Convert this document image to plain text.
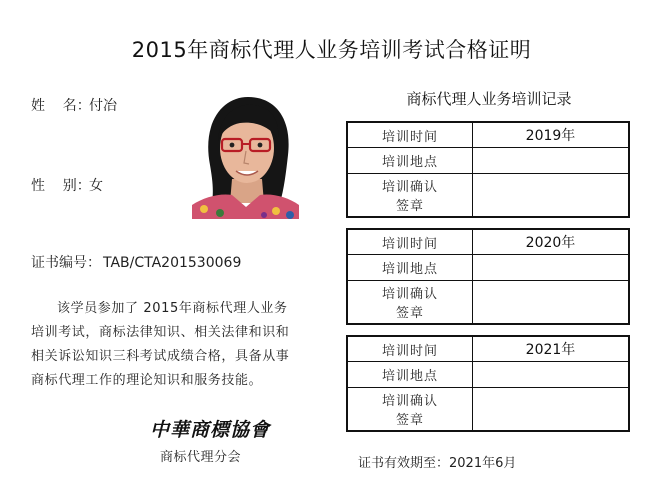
2015年商标代理人业务培训考试合格证明
姓    名：付冶
性    别：女
证书编号： TAB/CTA201530069
该学员参加了 2015年商标代理人业务
培训考试，商标法律知识、相关法律和识和
相关诉讼知识三科考试成绩合格，具备从事
商标代理工作的理论知识和服务技能。
中華商標協會
商标代理分会
商标代理人业务培训记录
培训时间	2019年
培训地点	

培训确认
签章	

培训时间	2020年
培训地点	

培训确认
签章	

培训时间	2021年
培训地点	

培训确认
签章	

证书有效期至：2021年6月
